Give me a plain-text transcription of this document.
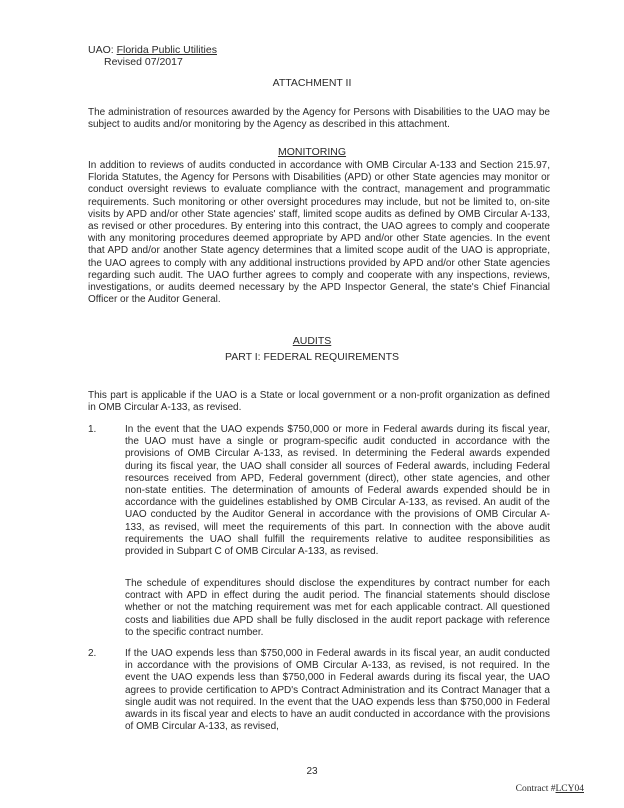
UAO: Florida Public Utilities
Revised 07/2017
ATTACHMENT II
The administration of resources awarded by the Agency for Persons with Disabilities to the UAO may be subject to audits and/or monitoring by the Agency as described in this attachment.
MONITORING
In addition to reviews of audits conducted in accordance with OMB Circular A-133 and Section 215.97, Florida Statutes, the Agency for Persons with Disabilities (APD) or other State agencies may monitor or conduct oversight reviews to evaluate compliance with the contract, management and programmatic requirements. Such monitoring or other oversight procedures may include, but not be limited to, on-site visits by APD and/or other State agencies' staff, limited scope audits as defined by OMB Circular A-133, as revised or other procedures. By entering into this contract, the UAO agrees to comply and cooperate with any monitoring procedures deemed appropriate by APD and/or other State agencies. In the event that APD and/or another State agency determines that a limited scope audit of the UAO is appropriate, the UAO agrees to comply with any additional instructions provided by APD and/or other State agencies regarding such audit. The UAO further agrees to comply and cooperate with any inspections, reviews, investigations, or audits deemed necessary by the APD Inspector General, the state's Chief Financial Officer or the Auditor General.
AUDITS
PART I: FEDERAL REQUIREMENTS
This part is applicable if the UAO is a State or local government or a non-profit organization as defined in OMB Circular A-133, as revised.
1.	In the event that the UAO expends $750,000 or more in Federal awards during its fiscal year, the UAO must have a single or program-specific audit conducted in accordance with the provisions of OMB Circular A-133, as revised. In determining the Federal awards expended during its fiscal year, the UAO shall consider all sources of Federal awards, including Federal resources received from APD, Federal government (direct), other state agencies, and other non-state entities. The determination of amounts of Federal awards expended should be in accordance with the guidelines established by OMB Circular A-133, as revised. An audit of the UAO conducted by the Auditor General in accordance with the provisions of OMB Circular A-133, as revised, will meet the requirements of this part. In connection with the above audit requirements the UAO shall fulfill the requirements relative to auditee responsibilities as provided in Subpart C of OMB Circular A-133, as revised.
The schedule of expenditures should disclose the expenditures by contract number for each contract with APD in effect during the audit period. The financial statements should disclose whether or not the matching requirement was met for each applicable contract. All questioned costs and liabilities due APD shall be fully disclosed in the audit report package with reference to the specific contract number.
2.	If the UAO expends less than $750,000 in Federal awards in its fiscal year, an audit conducted in accordance with the provisions of OMB Circular A-133, as revised, is not required. In the event the UAO expends less than $750,000 in Federal awards during its fiscal year, the UAO agrees to provide certification to APD's Contract Administration and its Contract Manager that a single audit was not required. In the event that the UAO expends less than $750,000 in Federal awards in its fiscal year and elects to have an audit conducted in accordance with the provisions of OMB Circular A-133, as revised,
23
Contract #LCY04
